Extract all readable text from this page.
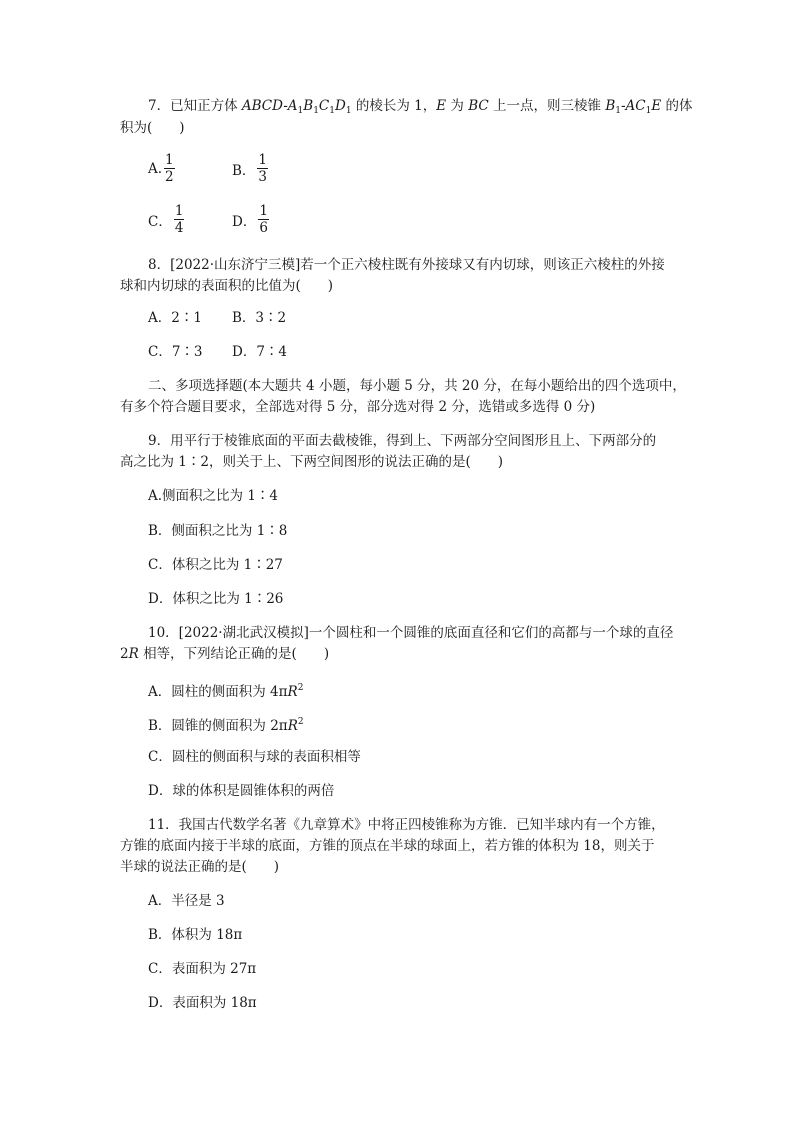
7．已知正方体 ABCD-$A_1B_1C_1D_1$ 的棱长为 1，E 为 BC 上一点，则三棱锥 $B_1-AC_1E$ 的体
积为(　　)
A. $\frac{1}{2}$	B． $\frac{1}{3}$
C． $\frac{1}{4}$	D． $\frac{1}{6}$
8．[2022·山东济宁三模]若一个正六棱柱既有外接球又有内切球，则该正六棱柱的外接
球和内切球的表面积的比值为(　　)
A．2∶1 B．3∶2
C．7∶3 D．7∶4
二、多项选择题(本大题共 4 小题，每小题 5 分，共 20 分，在每小题给出的四个选项中，
有多个符合题目要求，全部选对得 5 分，部分选对得 2 分，选错或多选得 0 分)
9．用平行于棱锥底面的平面去截棱锥，得到上、下两部分空间图形且上、下两部分的
高之比为 1∶2，则关于上、下两空间图形的说法正确的是(　　)
A.侧面积之比为 1∶4
B．侧面积之比为 1∶8
C．体积之比为 1∶27
D．体积之比为 1∶26
10．[2022·湖北武汉模拟]一个圆柱和一个圆锥的底面直径和它们的高都与一个球的直径
2R 相等，下列结论正确的是(　　)
A．圆柱的侧面积为 $4\pi R^2$
B．圆锥的侧面积为 $2\pi R^2$
C．圆柱的侧面积与球的表面积相等
D．球的体积是圆锥体积的两倍
11．我国古代数学名著《九章算术》中将正四棱锥称为方锥．已知半球内有一个方锥，
方锥的底面内接于半球的底面，方锥的顶点在半球的球面上，若方锥的体积为 18，则关于
半球的说法正确的是(　　)
A．半径是 3
B．体积为 18π
C．表面积为 27π
D．表面积为 18π
